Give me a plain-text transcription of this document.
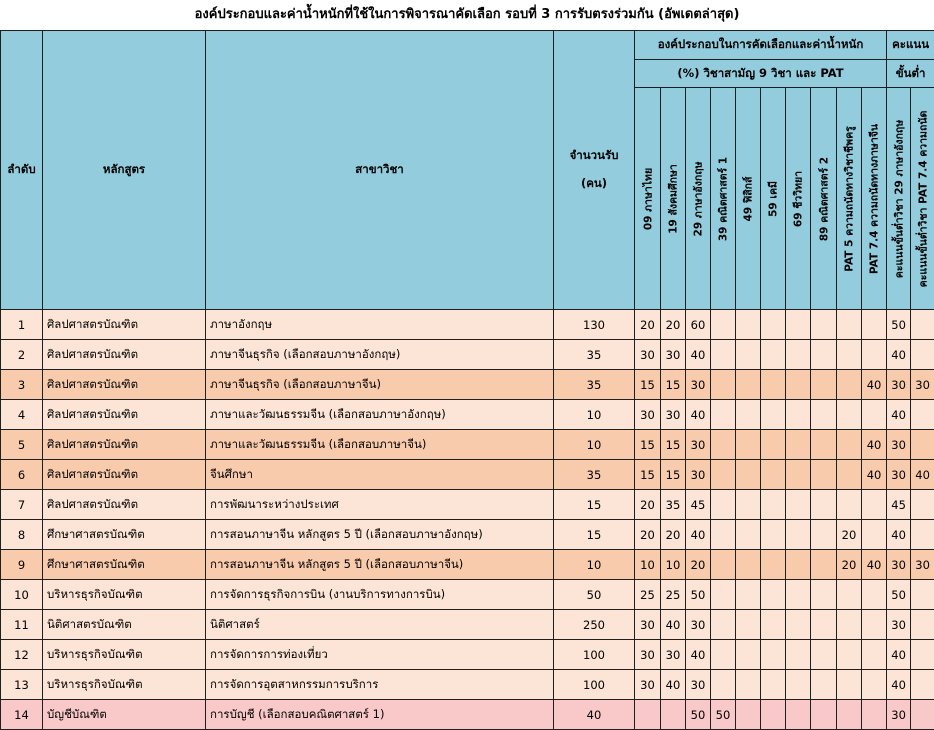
องค์ประกอบและค่าน้ำหนักที่ใช้ในการพิจารณาคัดเลือก รอบที่ 3 การรับตรงร่วมกัน (อัพเดตล่าสุด)
ลำดับ	หลักสูตร	สาขาวิชา	จำนวนรับ
(คน)	องค์ประกอบในการคัดเลือกและค่าน้ำหนัก										คะแนน	
				(%) วิชาสามัญ 9 วิชา และ PAT										ขั้นต่ำ	

				09 ภาษาไทย	19 สังคมศึกษา	29 ภาษาอังกฤษ	39 คณิตศาสตร์ 1	49 ฟิสิกส์	59 เคมี	69 ชีววิทยา	89 คณิตศาสตร์ 2	PAT 5 ความถนัดทางวิชาชีพครู	PAT 7.4 ความถนัดทางภาษาจีน	คะแนนขั้นต่ำวิชา 29 ภาษาอังกฤษ	คะแนนขั้นต่ำวิชา PAT 7.4 ความถนัด

1	ศิลปศาสตรบัณฑิต	ภาษาอังกฤษ	130	20	20	60								50	
2	ศิลปศาสตรบัณฑิต	ภาษาจีนธุรกิจ (เลือกสอบภาษาอังกฤษ)	35	30	30	40								40	
3	ศิลปศาสตรบัณฑิต	ภาษาจีนธุรกิจ (เลือกสอบภาษาจีน)	35	15	15	30							40	30	30
4	ศิลปศาสตรบัณฑิต	ภาษาและวัฒนธรรมจีน (เลือกสอบภาษาอังกฤษ)	10	30	30	40								40	
5	ศิลปศาสตรบัณฑิต	ภาษาและวัฒนธรรมจีน (เลือกสอบภาษาจีน)	10	15	15	30							40	30	
6	ศิลปศาสตรบัณฑิต	จีนศึกษา	35	15	15	30							40	30	40
7	ศิลปศาสตรบัณฑิต	การพัฒนาระหว่างประเทศ	15	20	35	45								45	
8	ศึกษาศาสตรบัณฑิต	การสอนภาษาจีน หลักสูตร 5 ปี (เลือกสอบภาษาอังกฤษ)	15	20	20	40						20		40	
9	ศึกษาศาสตรบัณฑิต	การสอนภาษาจีน หลักสูตร 5 ปี (เลือกสอบภาษาจีน)	10	10	10	20						20	40	30	30
10	บริหารธุรกิจบัณฑิต	การจัดการธุรกิจการบิน (งานบริการทางการบิน)	50	25	25	50								50	
11	นิติศาสตรบัณฑิต	นิติศาสตร์	250	30	40	30								30	
12	บริหารธุรกิจบัณฑิต	การจัดการการท่องเที่ยว	100	30	30	40								40	
13	บริหารธุรกิจบัณฑิต	การจัดการอุตสาหกรรมการบริการ	100	30	40	30								40	
14	บัญชีบัณฑิต	การบัญชี (เลือกสอบคณิตศาสตร์ 1)	40			50	50							30	
